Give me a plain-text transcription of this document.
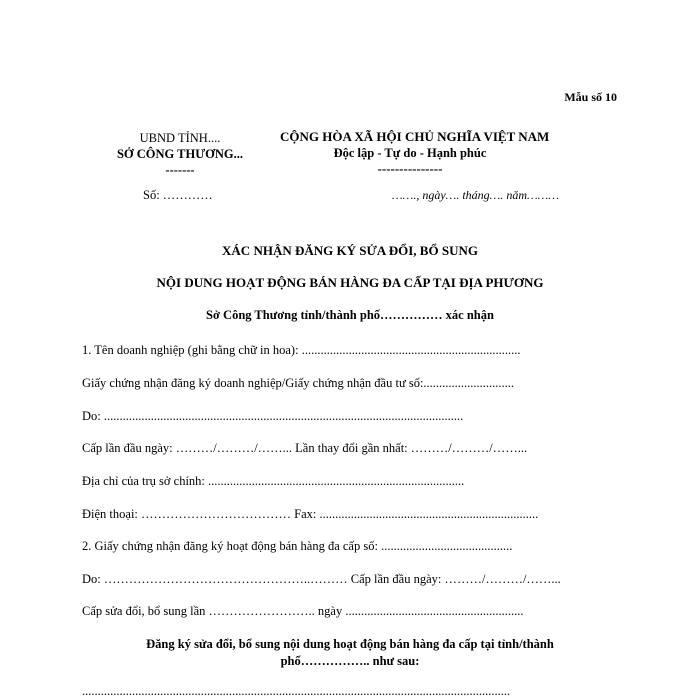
Mẫu số 10
UBND TỈNH....
SỞ CÔNG THƯƠNG...
-------
CỘNG HÒA XÃ HỘI CHỦ NGHĨA VIỆT NAM
Độc lập - Tự do - Hạnh phúc
---------------
Số: …………	……., ngày…. tháng…. năm………
XÁC NHẬN ĐĂNG KÝ SỬA ĐỔI, BỔ SUNG
NỘI DUNG HOẠT ĐỘNG BÁN HÀNG ĐA CẤP TẠI ĐỊA PHƯƠNG
Sở Công Thương tỉnh/thành phố…………… xác nhận
1. Tên doanh nghiệp (ghi bằng chữ in hoa): ......................................................................
Giấy chứng nhận đăng ký doanh nghiệp/Giấy chứng nhận đầu tư số:.............................
Do: ...................................................................................................................
Cấp lần đầu ngày: ………/………/……... Lần thay đổi gần nhất: ………/………/……...
Địa chỉ của trụ sở chính: ..................................................................................
Điện thoại: ……………………………… Fax: ......................................................................
2. Giấy chứng nhận đăng ký hoạt động bán hàng đa cấp số: ..........................................
Do: …………………………………………..……… Cấp lần đầu ngày: ………/………/……...
Cấp sửa đổi, bổ sung lần …………………….. ngày .........................................................
Đăng ký sửa đổi, bổ sung nội dung hoạt động bán hàng đa cấp tại tỉnh/thành
phố…………….. như sau:
.........................................................................................................................................
